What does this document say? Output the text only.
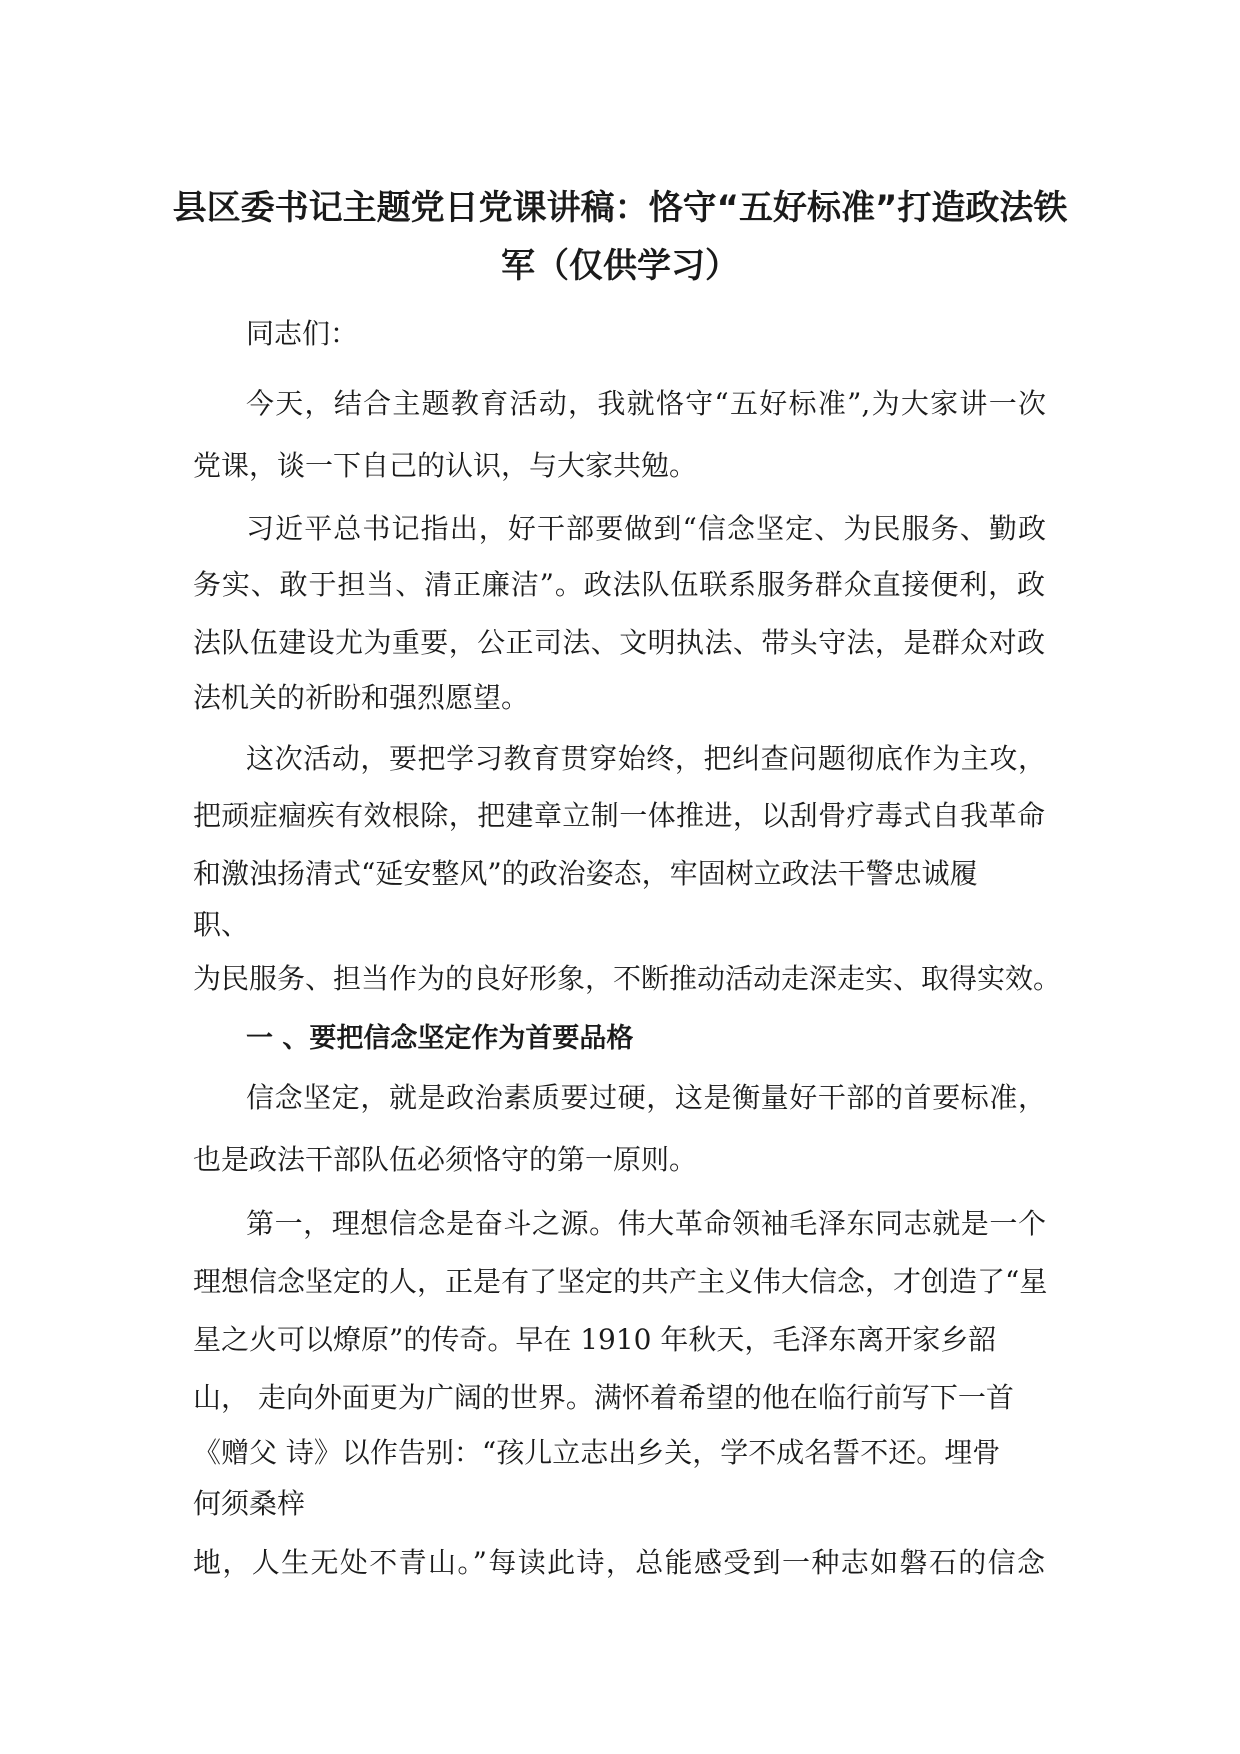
县区委书记主题党日党课讲稿：恪守“五好标准”打造政法铁
军（仅供学习）

同志们：

今天，结合主题教育活动，我就恪守“五好标准”,为大家讲一次

党课，谈一下自己的认识，与大家共勉。

习近平总书记指出，好干部要做到“信念坚定、为民服务、勤政

务实、敢于担当、清正廉洁”。政法队伍联系服务群众直接便利，政

法队伍建设尤为重要，公正司法、文明执法、带头守法，是群众对政

法机关的祈盼和强烈愿望。

这次活动，要把学习教育贯穿始终，把纠查问题彻底作为主攻，

把顽症痼疾有效根除，把建章立制一体推进，以刮骨疗毒式自我革命

和激浊扬清式“延安整风”的政治姿态，牢固树立政法干警忠诚履

职、

为民服务、担当作为的良好形象，不断推动活动走深走实、取得实效。

一 、要把信念坚定作为首要品格

信念坚定，就是政治素质要过硬，这是衡量好干部的首要标准，

也是政法干部队伍必须恪守的第一原则。

第一，理想信念是奋斗之源。伟大革命领袖毛泽东同志就是一个

理想信念坚定的人，正是有了坚定的共产主义伟大信念，才创造了“星

星之火可以燎原”的传奇。早在 1910 年秋天，毛泽东离开家乡韶

山， 走向外面更为广阔的世界。满怀着希望的他在临行前写下一首

《赠父 诗》以作告别：“孩儿立志出乡关，学不成名誓不还。埋骨

何须桑梓

地，人生无处不青山。”每读此诗，总能感受到一种志如磐石的信念
